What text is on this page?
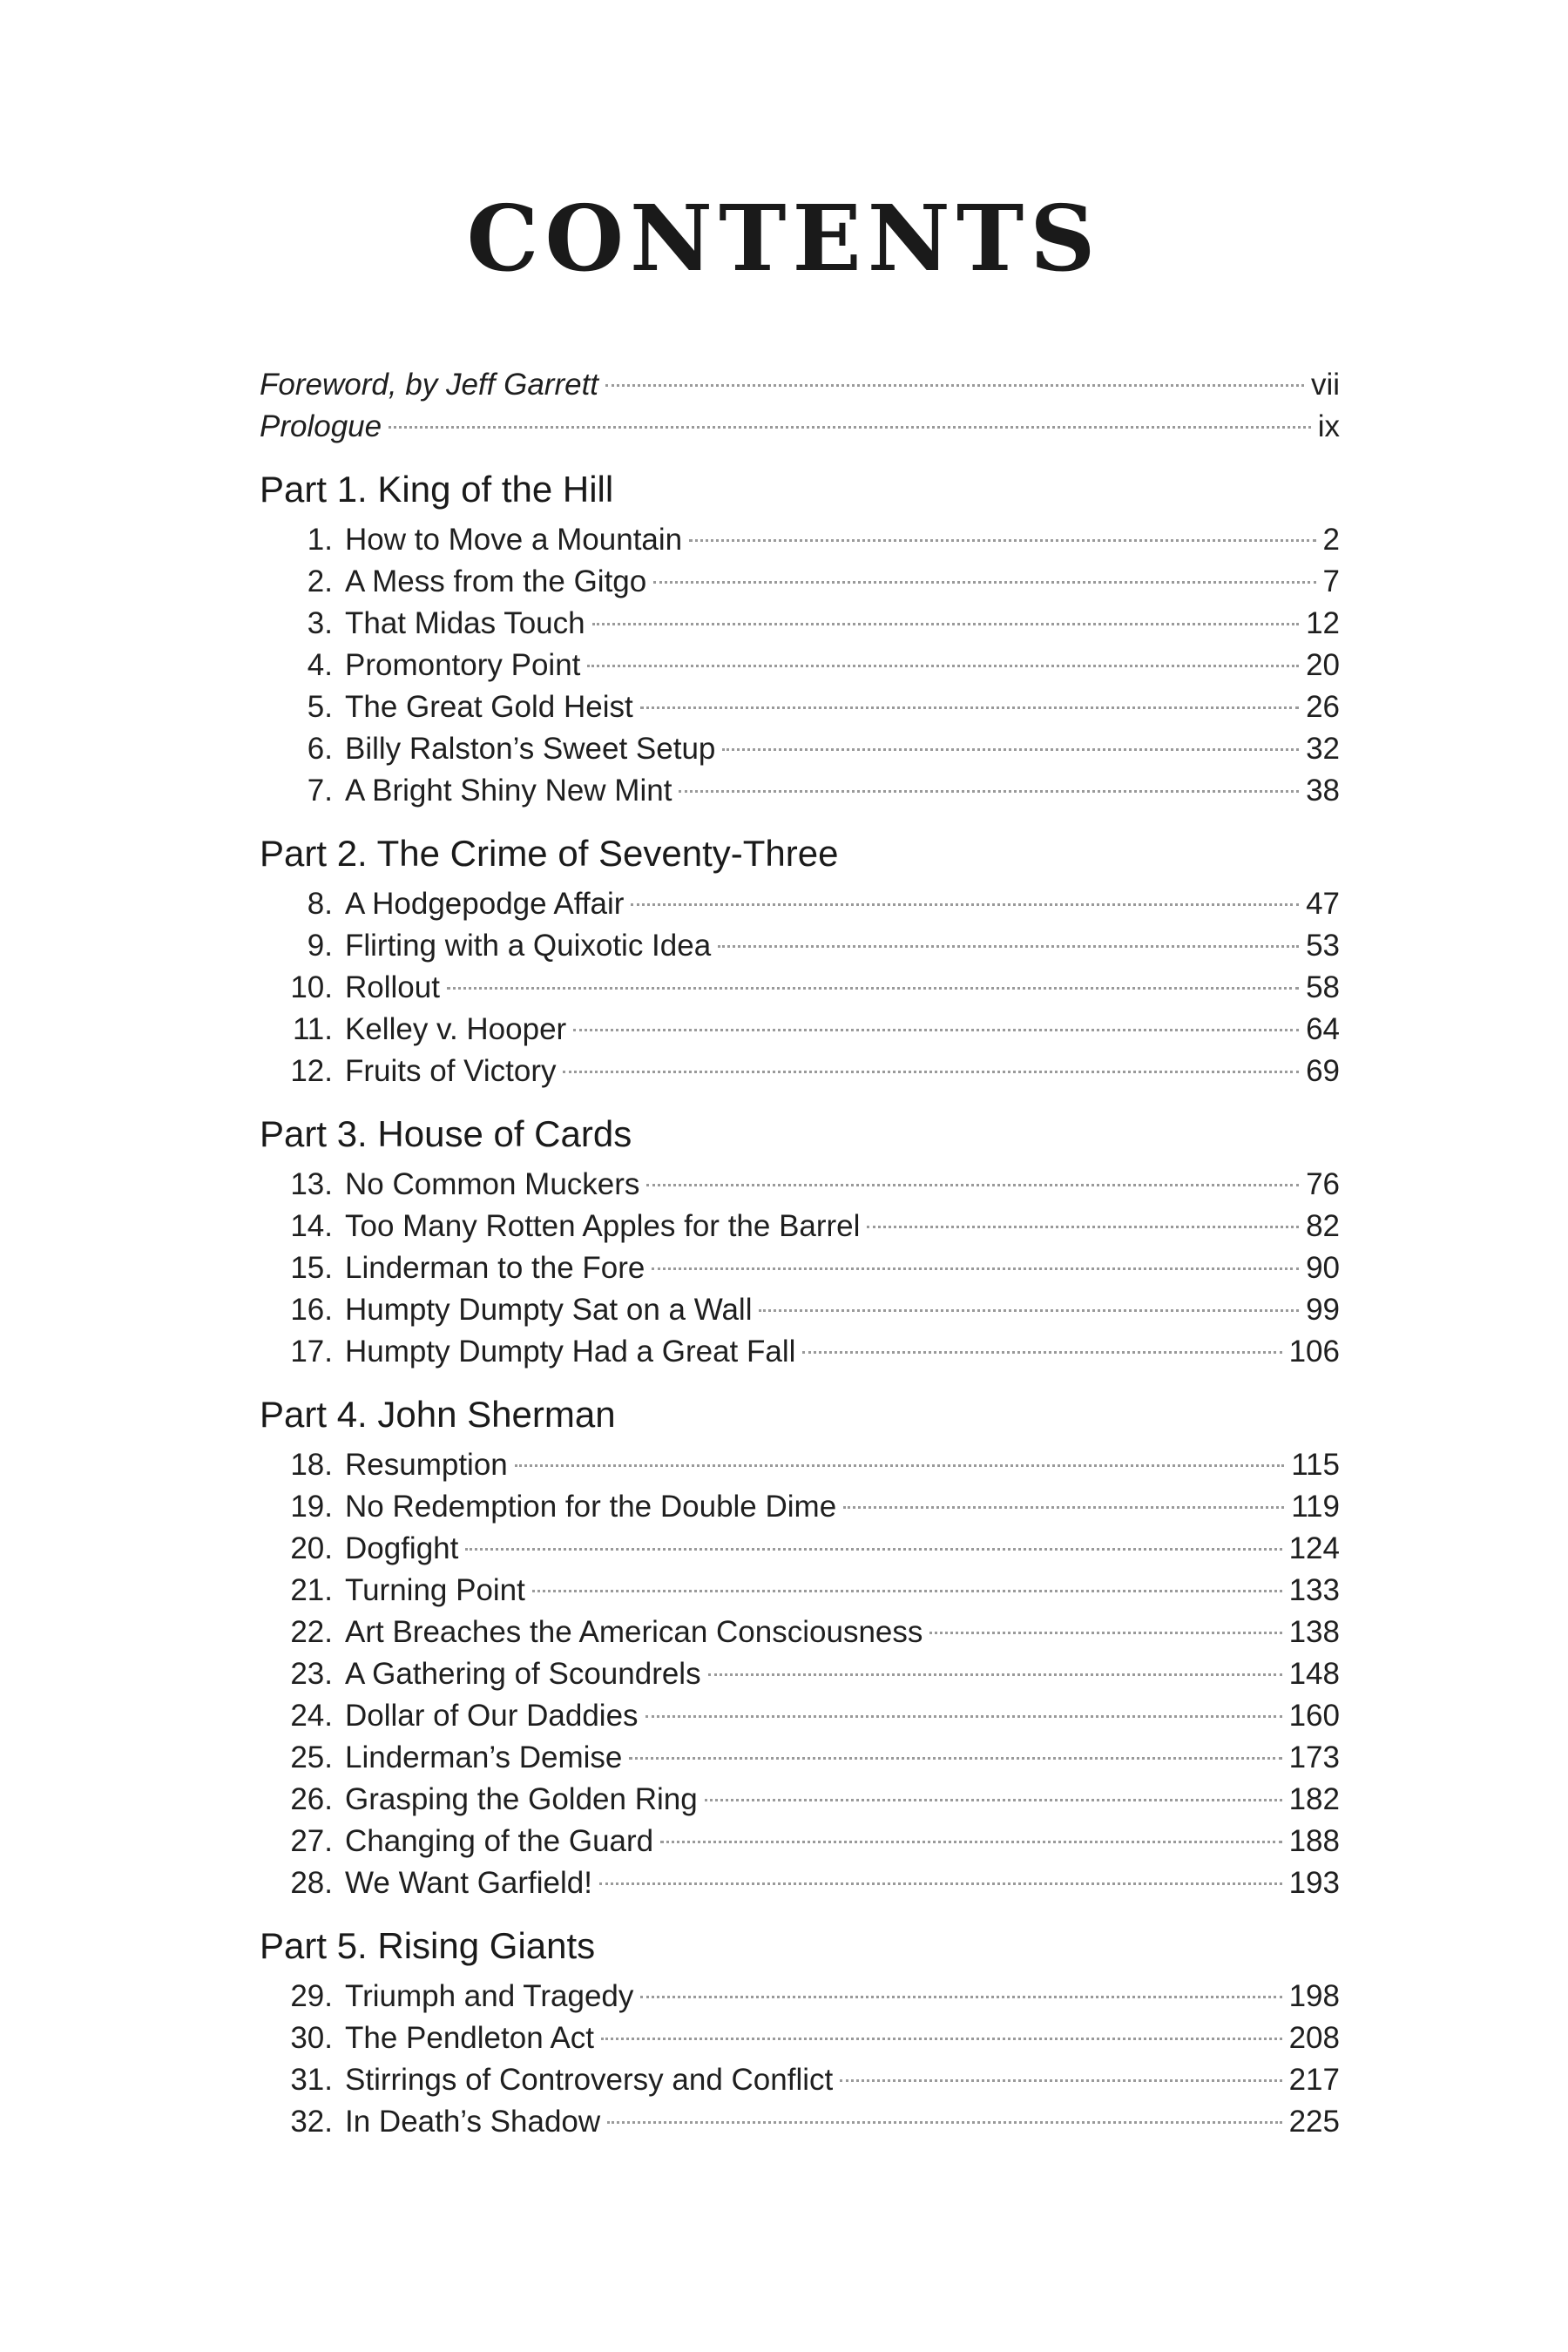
CONTENTS
Foreword, by Jeff Garrett	vii
Prologue	ix
Part 1. King of the Hill
1. How to Move a Mountain	2
2. A Mess from the Gitgo	7
3. That Midas Touch	12
4. Promontory Point	20
5. The Great Gold Heist	26
6. Billy Ralston’s Sweet Setup	32
7. A Bright Shiny New Mint	38
Part 2. The Crime of Seventy-Three
8. A Hodgepodge Affair	47
9. Flirting with a Quixotic Idea	53
10. Rollout	58
11. Kelley v. Hooper	64
12. Fruits of Victory	69
Part 3. House of Cards
13. No Common Muckers	76
14. Too Many Rotten Apples for the Barrel	82
15. Linderman to the Fore	90
16. Humpty Dumpty Sat on a Wall	99
17. Humpty Dumpty Had a Great Fall	106
Part 4. John Sherman
18. Resumption	115
19. No Redemption for the Double Dime	119
20. Dogfight	124
21. Turning Point	133
22. Art Breaches the American Consciousness	138
23. A Gathering of Scoundrels	148
24. Dollar of Our Daddies	160
25. Linderman’s Demise	173
26. Grasping the Golden Ring	182
27. Changing of the Guard	188
28. We Want Garfield!	193
Part 5. Rising Giants
29. Triumph and Tragedy	198
30. The Pendleton Act	208
31. Stirrings of Controversy and Conflict	217
32. In Death’s Shadow	225
